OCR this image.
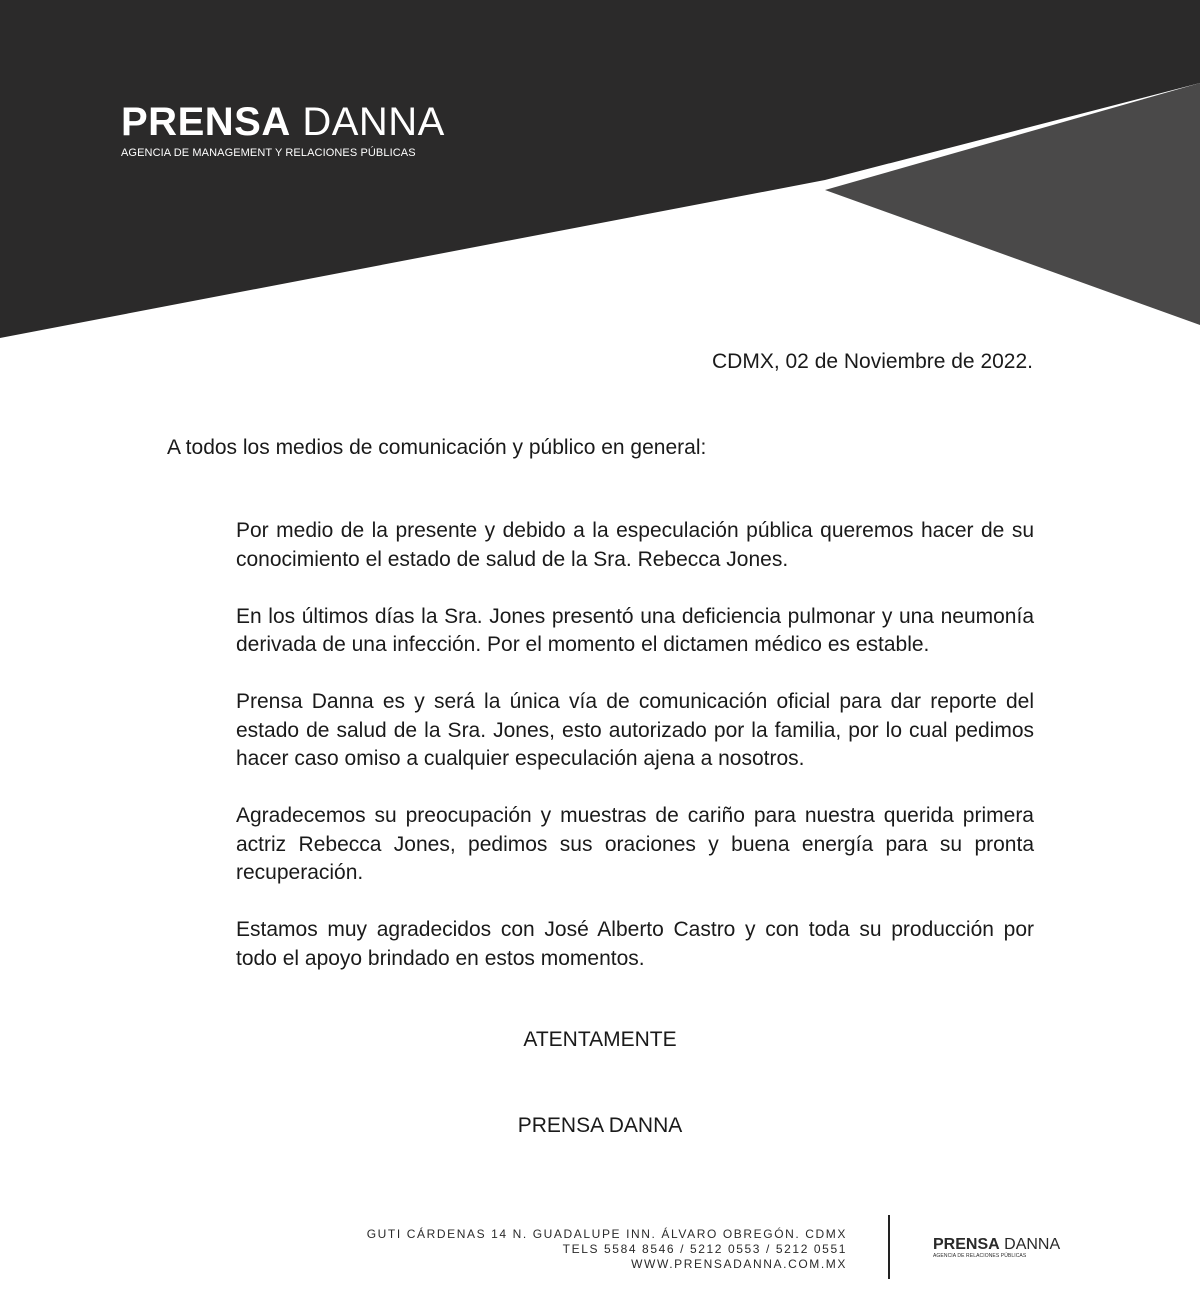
PRENSA DANNA
AGENCIA DE MANAGEMENT Y RELACIONES PÚBLICAS
CDMX, 02 de Noviembre de 2022.
A todos los medios de comunicación y público en general:

Por medio de la presente y debido a la especulación pública queremos hacer de su conocimiento el estado de salud de la Sra. Rebecca Jones.

En los últimos días la Sra. Jones presentó una deficiencia pulmonar y una neumonía derivada de una infección. Por el momento el dictamen médico es estable.

Prensa Danna es y será la única vía de comunicación oficial para dar reporte del estado de salud de la Sra. Jones, esto autorizado por la familia, por lo cual pedimos hacer caso omiso a cualquier especulación ajena a nosotros.

Agradecemos su preocupación y muestras de cariño para nuestra querida primera actriz Rebecca Jones, pedimos sus oraciones y buena energía para su pronta recuperación.

Estamos muy agradecidos con José Alberto Castro y con toda su producción por todo el apoyo brindado en estos momentos.

ATENTAMENTE
PRENSA DANNA
GUTI CÁRDENAS 14 N. GUADALUPE INN. ÁLVARO OBREGÓN. CDMX
TELS 5584 8546 / 5212 0553 / 5212 0551
WWW.PRENSADANNA.COM.MX
PRENSA DANNA
AGENCIA DE RELACIONES PÚBLICAS
